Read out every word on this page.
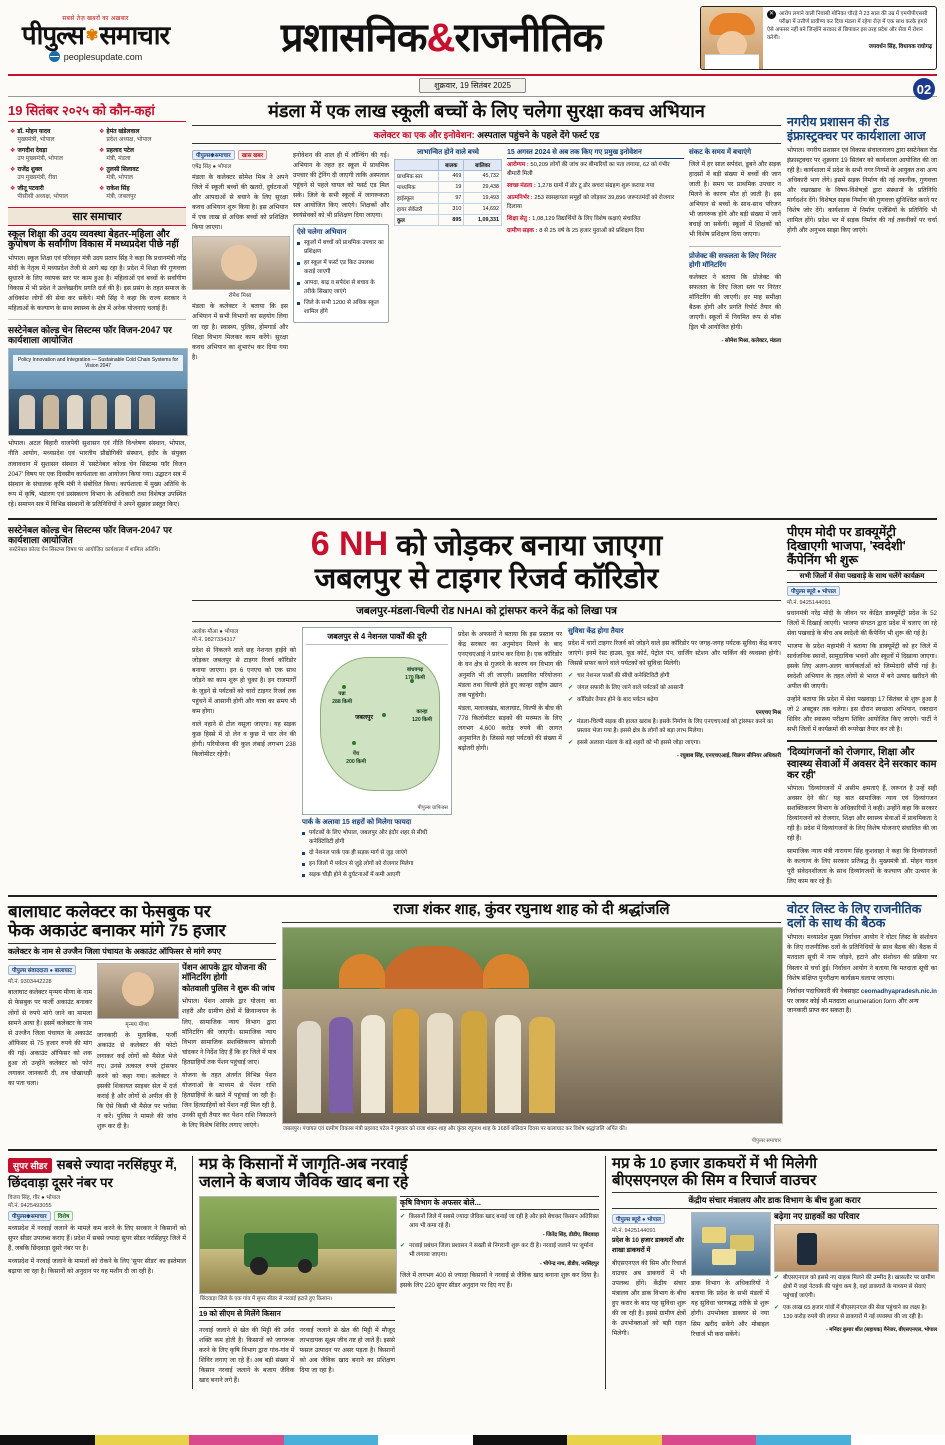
सबसे तेज़ खबरों का अख़बार
पीपुल्स ✾ समाचार
peoplesupdate.com	प्रशासनिक&राजनीतिक
✕ आरोप लगाने वाली निवासी मोनिका चौरड़े ने 23 साल की उम्र में एमपीपीएससी परीक्षा में उत्तीर्ण प्रावीण्य कर दिया मंडला में रहेगा रोज़ में एक साथ करके हमारे ऐसे अफसर नहीं बने जिन्होंने सरकार से छिपाकर इस तरह प्रदेश और सेवा में रोशन करेगी।
जयवर्धन सिंह, विधायक राघोगढ़
शुक्रवार, 19 सितंबर 2025	02
19 सितंबर २०२५ को कौन-कहां
❖ डॉ. मोहन यादव
मुख्यमंत्री, भोपाल
❖ हेमंत खंडेलवाल
प्रदेश अध्यक्ष, भोपाल
❖ जगदीश देवड़ा
उप मुख्यमंत्री, भोपाल
❖ प्रहलाद पटेल
मंत्री, मंडला
❖ राजेंद्र शुक्ल
उप मुख्यमंत्री, रीवा
❖ तुलसी सिलावट
मंत्री, भोपाल
❖ जीतू पटवारी
पीसीसी अध्यक्ष, भोपाल
❖ राकेश सिंह
मंत्री, जबलपुर
सार समाचार
स्कूल शिक्षा की उदय व्यवस्था बेहतर-महिला और कुपोषण के सर्वांगीण विकास में मध्यप्रदेश पीछे नहीं

भोपाल। स्कूल शिक्षा एवं परिवहन मंत्री उदय प्रताप सिंह ने कहा कि प्रधानमंत्री नरेंद्र मोदी के नेतृत्व में मध्यप्रदेश तेजी से आगे बढ़ रहा है। प्रदेश में शिक्षा की गुणवत्ता सुधारने के लिए व्यापक स्तर पर काम हुआ है। महिलाओं एवं बच्चों के सर्वांगीण विकास में भी प्रदेश ने उल्लेखनीय प्रगति दर्ज की है। इस प्रसंग के तहत समाज के अधिकांश लोगों की सेवा कर सकेंगे। मंत्री सिंह ने कहा कि राज्य सरकार ने महिलाओं के कल्याण के साथ स्वास्थ्य के क्षेत्र में अनेक योजनाएं चलाई हैं।

सस्टेनेबल कोल्ड चेन सिस्टम्स फॉर विजन-2047 पर कार्यशाला आयोजित
Policy Innovation and Integration — Sustainable Cold Chain Systems for Vision 2047

भोपाल। अटल बिहारी वाजपेयी सुशासन एवं नीति विश्लेषण संस्थान, भोपाल, नीति आयोग, मध्यप्रदेश एवं भारतीय प्रौद्योगिकी संस्थान, इंदौर के संयुक्त तत्वावधान में सुशासन संस्थान में 'सस्टेनेबल कोल्ड चेन सिस्टम्स फॉर विजन 2047' विषय पर एक दिवसीय कार्यशाला का आयोजन किया गया। उद्घाटन सत्र में संस्थान के संचालक कृषि मंत्री ने संबोधित किया। कार्यशाला में मुख्य अतिथि के रूप में कृषि, भंडारण एवं प्रसंस्करण विभाग के अधिकारी तथा विशेषज्ञ उपस्थित रहे। समापन सत्र में विभिन्न संस्थानों के प्रतिनिधियों ने अपने सुझाव प्रस्तुत किए।

मंडला में एक लाख स्कूली बच्चों के लिए चलेगा सुरक्षा कवच अभियान
कलेक्टर का एक और इनोवेशन: अस्पताल पहुंचने के पहले देंगे फर्स्ट एड
पीपुल्स✾समाचार	खास खबर
एषेंद्र सिंह ● भोपाल

मंडला के कलेक्टर सोमेश मिश्र ने अपने जिले में स्कूली बच्चों की खतरों, दुर्घटनाओं और आपदाओं से बचाने के लिए सुरक्षा कवच अभियान शुरू किया है। इस अभियान में एक लाख से अधिक बच्चों को प्रशिक्षित किया जाएगा।

रोमेश मिश्रा

मंडला के कलेक्टर ने बताया कि इस अभियान में सभी विभागों का सहयोग लिया जा रहा है। स्वास्थ्य, पुलिस, होमगार्ड और शिक्षा विभाग मिलकर काम करेंगे। सुरक्षा कवच अभियान का शुभारंभ कर दिया गया है।

इनोवेशन की शाल ही में लॉन्चिंग की गई। अभियान के तहत हर स्कूल में प्राथमिक उपचार की ट्रेनिंग दी जाएगी ताकि अस्पताल पहुंचने से पहले घायल को फर्स्ट एड मिल सके। जिले के सभी स्कूलों में जागरूकता सत्र आयोजित किए जाएंगे। शिक्षकों और स्वयंसेवकों को भी प्रशिक्षण दिया जाएगा।

ऐसे चलेगा अभियान
स्कूलों में बच्चों को प्राथमिक उपचार का प्रशिक्षण
हर स्कूल में फर्स्ट एड किट उपलब्ध कराई जाएगी
आपदा, बाढ़ व सर्पदंश से बचाव के तरीके सिखाए जाएंगे
जिले के सभी 1200 से अधिक स्कूल शामिल होंगे
लाभान्वित होने वाले बच्चे
	बालक	बालिका
प्राथमिक स्तर	469	45,732
माध्यमिक	19	29,438
हाईस्कूल	97	19,493
हायर सेकेंडरी	310	14,692
कुल	895	1,09,331
15 अगस्त 2024 से अब तक किए गए प्रमुख इनोवेशन
आरोग्यम : 50,209 लोगों की जांच कर बीमारियों का पता लगाया, 62 को गंभीर बीमारी मिली
स्वच्छ मंडला : 1,278 ग्रामों में डोर टू डोर कचरा संग्रहण शुरू कराया गया
आत्मनिर्भर : 253 स्वसहायता समूहों को जोड़कर 39,896 जरूरतमंदों को रोजगार दिलाया
शिक्षा सेतु : 1,08,129 विद्यार्थियों के लिए विशेष कक्षाएं संचालित
ग्रामीण सड़क : 8 से 25 वर्ष के 25 हजार युवाओं को प्रशिक्षण दिया
संकट के समय में बचाएंगे

जिले में हर साल सर्पदंश, डूबने और सड़क हादसों में बड़ी संख्या में बच्चों की जान जाती है। समय पर प्राथमिक उपचार न मिलने के कारण मौत हो जाती है। इस अभियान से बच्चों के साथ-साथ परिजन भी जागरूक होंगे और बड़ी संख्या में जानें बचाई जा सकेंगी। स्कूलों में शिक्षकों को भी विशेष प्रशिक्षण दिया जाएगा।

प्रोजेक्ट की सफलता के लिए निरंतर होगी मॉनिटरिंग

कलेक्टर ने बताया कि प्रोजेक्ट की सफलता के लिए जिला स्तर पर निरंतर मॉनिटरिंग की जाएगी। हर माह समीक्षा बैठक होगी और प्रगति रिपोर्ट तैयार की जाएगी। स्कूलों में नियमित रूप से मॉक ड्रिल भी आयोजित होगी।

- सोमेश मिश्रा, कलेक्टर, मंडला
नगरीय प्रशासन की रोड इंफ्रास्ट्रक्चर पर कार्यशाला आज

भोपाल। नगरीय प्रशासन एवं विकास संचालनालय द्वारा सस्टेनेबल रोड इंफ्रास्ट्रक्चर पर शुक्रवार 19 सितंबर को कार्यशाला आयोजित की जा रही है। कार्यशाला में प्रदेश के सभी नगर निगमों के आयुक्त तथा अन्य अधिकारी भाग लेंगे। इसमें सड़क निर्माण की नई तकनीक, गुणवत्ता और रखरखाव के विषय-विशेषज्ञों द्वारा संस्थानों के प्रतिनिधि मार्गदर्शन देंगे। विशेषज्ञ सड़क निर्माण की गुणवत्ता सुनिश्चित करने पर विशेष जोर देंगे। कार्यशाला में निर्माण एजेंसियों के प्रतिनिधि भी शामिल होंगे। प्रदेश भर में सड़क निर्माण की नई तकनीकों पर चर्चा होगी और अनुभव साझा किए जाएंगे।

सस्टेनेबल कोल्ड चेन सिस्टम्स फॉर विजन-2047 पर कार्यशाला आयोजित
सस्टेनेबल कोल्ड चेन सिस्टम्स विषय पर आयोजित कार्यशाला में शामिल अतिथि।	6 NH को जोड़कर बनाया जाएगा
जबलपुर से टाइगर रिजर्व कॉरिडोर
जबलपुर-मंडला-चिल्पी रोड NHAI को ट्रांसफर करने केंद्र को लिखा पत्र
अलोक मौआ ● भोपाल
मो.नं. 9827334317

प्रदेश से निकलने वाले छह नेशनल हाईवे को जोड़कर जबलपुर से टाइगर रिजर्व कॉरिडोर बनाया जाएगा। इन 6 एनएच को एक साथ जोड़ने का काम शुरू हो चुका है। इन राजमार्गों के जुड़ने से पर्यटकों को चारों टाइगर रिजर्व तक पहुंचने में आसानी होगी और यात्रा का समय भी कम होगा।

वाले नहाने से टोल वसूला जाएगा। यह सड़क कुछ हिस्से में दो लेन व कुछ में चार लेन की होगी। परियोजना की कुल लंबाई लगभग 238 किलोमीटर रहेगी।

जबलपुर से 4 नेशनल पार्कों की दूरी
पन्ना
288 किमी
बांधवगढ़
170 किमी
कान्हा
120 किमी
पेंच
200 किमी
जबलपुर
पीपुल्स ग्राफिक्स
पार्क के अलावा 15 शहरों को मिलेगा फायदा
पर्यटकों के लिए भोपाल, जबलपुर और इंदौर शहर से सीधी कनेक्टिविटी होगी
दो नेशनल पार्क एक ही सड़क मार्ग से जुड़ जाएंगे
इन जिलों में पर्यटन से जुड़े लोगों को रोजगार मिलेगा
सड़क चौड़ी होने से दुर्घटनाओं में कमी आएगी

प्रदेश के अफसरों ने बताया कि इस प्रस्ताव पर केंद्र सरकार का अनुमोदन मिलने के बाद एनएचएआई ने प्रारंभ कर दिया है। एक कॉरिडोर के वन क्षेत्र से गुजरने के कारण वन विभाग की अनुमति भी ली जाएगी। प्रस्तावित परियोजना मंडला तथा चिल्पी होते हुए कान्हा राष्ट्रीय उद्यान तक पहुंचेगी।

मंडला, मलाजखंड, बालाघाट, चिल्पी के बीच की 778 किलोमीटर सड़कों की मरम्मत के लिए लगभग 4,600 करोड़ रुपये की लागत अनुमानित है। जिससे यहां पर्यटकों की संख्या में बढ़ोतरी होगी।

सुविधा केंद्र होगा तैयार

प्रदेश में चारों टाइगर रिजर्व को जोड़ने वाले इस कॉरिडोर पर जगह-जगह पर्यटक सुविधा केंद्र बनाए जाएंगे। इनमें रेस्ट हाउस, फूड कोर्ट, पेट्रोल पंप, चार्जिंग स्टेशन और पार्किंग की व्यवस्था होगी। जिससे सफर करने वाले पर्यटकों को सुविधा मिलेगी।

✔ चार नेशनल पार्कों की सीधी कनेक्टिविटी होगी
✔ जंगल सफारी के लिए जाने वाले पर्यटकों को आसानी
✔ कॉरिडोर तैयार होने के बाद पर्यटन बढ़ेगा
एनएचए मिश्र
✔ मंडला-चिल्पी सड़क की हालत खराब है। इसके निर्माण के लिए एनएचएआई को ट्रांसफर करने का प्रस्ताव भेजा गया है। इससे क्षेत्र के लोगों को बड़ा लाभ मिलेगा।
✔ इससे अलावा मंडला के बड़े शहरों को भी इससे जोड़ा जाएगा।
- रघुबाब सिंह, एनएचएआई, चिन्नगर सीनियर अधिकारी
पीएम मोदी पर डाक्यूमेंट्री दिखाएगी भाजपा, 'स्वदेशी' कैंपेनिंग भी शुरू
सभी जिलों में सेवा पखवाड़े के साथ चलेंगे कार्यक्रम
पीपुल्स ब्यूरो ● भोपाल
मो.नं. 9425144091

प्रधानमंत्री नरेंद्र मोदी के जीवन पर केंद्रित डाक्यूमेंट्री प्रदेश के 52 जिलों में दिखाई जाएगी। भाजपा संगठन द्वारा प्रदेश में चलाए जा रहे सेवा पखवाड़े के बीच अब स्वदेशी की कैंपेनिंग भी शुरू की गई है।

भाजपा के प्रदेश महामंत्री ने बताया कि डाक्यूमेंट्री को हर जिले में सार्वजनिक स्थानों, सामुदायिक भवनों और स्कूलों में दिखाया जाएगा। इसके लिए अलग-अलग कार्यकर्ताओं को जिम्मेदारी सौंपी गई है। स्वदेशी अभियान के तहत लोगों से भारत में बने उत्पाद खरीदने की अपील की जाएगी।

उन्होंने बताया कि प्रदेश में सेवा पखवाड़ा 17 सितंबर से शुरू हुआ है जो 2 अक्टूबर तक चलेगा। इस दौरान स्वच्छता अभियान, रक्तदान शिविर और स्वास्थ्य परीक्षण शिविर आयोजित किए जाएंगे। पार्टी ने सभी जिलों में कार्यक्रमों की रूपरेखा तैयार कर ली है।

'दिव्यांगजनों को रोजगार, शिक्षा और स्वास्थ्य सेवाओं में अवसर देने सरकार काम कर रही'

भोपाल। 'दिव्यांगजनों में असीम क्षमताएं हैं, जरूरत है उन्हें सही अवसर देने की।' यह बात सामाजिक न्याय एवं दिव्यांगजन सशक्तिकरण विभाग के अधिकारियों ने कही। उन्होंने कहा कि सरकार दिव्यांगजनों को रोजगार, शिक्षा और स्वास्थ्य सेवाओं में प्राथमिकता दे रही है। प्रदेश में दिव्यांगजनों के लिए विशेष योजनाएं संचालित की जा रही हैं।

सामाजिक न्याय मंत्री नारायण सिंह कुशवाहा ने कहा कि दिव्यांगजनों के कल्याण के लिए सरकार प्रतिबद्ध है। मुख्यमंत्री डॉ. मोहन यादव पूरी संवेदनशीलता के साथ दिव्यांगजनों के कल्याण और उत्थान के लिए काम कर रहे हैं।

बालाघाट कलेक्टर का फेसबुक पर
फेक अकाउंट बनाकर मांगे 75 हजार
कलेक्टर के नाम से उज्जैन जिला पंचायत के अकाउंट ऑफिसर से मांगे रुपए
पीपुल्स संवाददाता ● बालाघाट
मो.नं. 9303442228

बालाघाट कलेक्टर मृन्मय मीणा के नाम से फेसबुक पर फर्जी अकाउंट बनाकर लोगों से रुपये मांगे जाने का मामला सामने आया है। इसमें कलेक्टर के नाम से उज्जैन जिला पंचायत के अकाउंट ऑफिसर से 75 हजार रुपये की मांग की गई। अकाउंट ऑफिसर को शक हुआ तो उन्होंने कलेक्टर को फोन लगाकर जानकारी दी, तब धोखाधड़ी का पता चला।

मृन्मय मीणा

जानकारी के मुताबिक, फर्जी अकाउंट से कलेक्टर की फोटो लगाकर कई लोगों को मैसेज भेजे गए। उनसे तत्काल रुपये ट्रांसफर करने को कहा गया। कलेक्टर ने इसकी शिकायत साइबर सेल में दर्ज कराई है और लोगों से अपील की है कि ऐसे किसी भी मैसेज पर भरोसा न करें। पुलिस ने मामले की जांच शुरू कर दी है।

पेंशन आपके द्वार योजना की मॉनिटरिंग होगी
कोतवाली पुलिस ने शुरू की जांच

भोपाल। पेंशन आपके द्वार योजना का शहरी और ग्रामीण क्षेत्रों में क्रियान्वयन के लिए, सामाजिक न्याय विभाग द्वारा मॉनिटरिंग की जाएगी। सामाजिक न्याय विभाग सामाजिक सशक्तिकरण सोनाली चांदकर ने निर्देश दिए हैं कि हर जिले में पात्र हितग्राहियों तक पेंशन पहुंचाई जाए।

योजना के तहत अंतर्गत विभिन्न पेंशन योजनाओं के माध्यम से पेंशन राशि हितग्राहियों के खाते में पहुंचाई जा रही है। जिन हितग्राहियों को पेंशन नहीं मिल रही है, उनकी सूची तैयार कर पेंशन राशि निकालने के लिए विशेष शिविर लगाए जाएंगे।

राजा शंकर शाह, कुंवर रघुनाथ शाह को दी श्रद्धांजलि
जबलपुर। पंचायत एवं ग्रामीण विकास मंत्री प्रहलाद पटेल ने गुरुवार को राजा शंकर शाह और कुंवर रघुनाथ शाह के 168वें बलिदान दिवस पर बालाघाट कर विशेष श्रद्धांजलि अर्पित की।
पीपुल्स समाचार
वोटर लिस्ट के लिए राजनीतिक दलों के साथ की बैठक

भोपाल। मध्यप्रदेश मुख्य निर्वाचन आयोग ने वोटर लिस्ट के संशोधन के लिए राजनीतिक दलों के प्रतिनिधियों के साथ बैठक की। बैठक में मतदाता सूची में नाम जोड़ने, हटाने और संशोधन की प्रक्रिया पर विस्तार से चर्चा हुई। निर्वाचन आयोग ने बताया कि मतदाता सूची का विशेष संक्षिप्त पुनरीक्षण कार्यक्रम चलाया जाएगा।

निर्वाचन पदाधिकारी की वेबसाइट ceomadhyapradesh.nic.in पर जाकर कोई भी मतदाता enumeration form और अन्य जानकारी प्राप्त कर सकता है।
सुपर सीडर सबसे ज्यादा नरसिंहपुर में,
छिंदवाड़ा दूसरे नंबर पर
विजय सिंह, गौर ● भोपाल
मो.नं. 9425493055
पीपुल्स✾समाचार	विशेष

मध्यप्रदेश में नरवाई जलाने के मामले कम करने के लिए सरकार ने किसानों को सुपर सीडर उपलब्ध कराए हैं। प्रदेश में सबसे ज्यादा सुपर सीडर नरसिंहपुर जिले में हैं, जबकि छिंदवाड़ा दूसरे नंबर पर है।

मध्यप्रदेश में नरवाई जलाने के मामलों को रोकने के लिए 'सुपर सीडर' का इस्तेमाल बढ़ाया जा रहा है। किसानों को अनुदान पर यह मशीन दी जा रही है।

मप्र के किसानों में जागृति-अब नरवाई
जलाने के बजाय जैविक खाद बना रहे
छिंदवाड़ा जिले के एक गांव में सुपर सीडर से नरवाई हटाते हुए किसान।
19 को सीएम से मिलेंगे किसान

नरवाई जलाने से खेत की मिट्टी की उर्वरा शक्ति कम होती है। किसानों को जागरूक करने के लिए कृषि विभाग द्वारा गांव-गांव में शिविर लगाए जा रहे हैं। अब बड़ी संख्या में किसान नरवाई जलाने के बजाय जैविक खाद बनाने लगे हैं।

नरवाई जलाने से खेत की मिट्टी में मौजूद लाभदायक सूक्ष्म जीव नष्ट हो जाते हैं। इससे फसल उत्पादन पर असर पड़ता है। किसानों को अब जैविक खाद बनाने का प्रशिक्षण दिया जा रहा है।

कृषि विभाग के अफसर बोले...
✔ किसानों जिले में सबसे ज्यादा जैविक खाद बनाई जा रही है और इसे बेचकर किसान अतिरिक्त आय भी कमा रहे हैं।
- जितेंद्र सिंह, डीडीए, छिंदवाड़ा
✔ नरवाई प्रबंधन जिला प्रशासन ने सख्ती से निगरानी शुरू कर दी है। नरवाई जलाने पर जुर्माना भी लगाया जाएगा।
- भीपेन्द्र नाथ, डीडीए, नरसिंहपुर

जिले में लगभग 400 से ज्यादा किसानों ने नरवाई से जैविक खाद बनाना शुरू कर दिया है। इसके लिए 220 सुपर सीडर अनुदान पर दिए गए हैं।

मप्र के 10 हजार डाकघरों में भी मिलेगी
बीएसएनएल की सिम व रिचार्ज वाउचर
केंद्रीय संचार मंत्रालय और डाक विभाग के बीच हुआ करार
पीपुल्स ब्यूरो ● भोपाल
मो.नं. 9425144091
प्रदेश के 10 हजार डाकघरों और शाखा डाकघरों में

बीएसएनएल की सिम और रिचार्ज वाउचर अब डाकघरों में भी उपलब्ध होंगे। केंद्रीय संचार मंत्रालय और डाक विभाग के बीच हुए करार के बाद यह सुविधा शुरू की जा रही है। इससे ग्रामीण क्षेत्रों के उपभोक्ताओं को बड़ी राहत मिलेगी।

डाक विभाग के अधिकारियों ने बताया कि प्रदेश के सभी मंडलों में यह सुविधा चरणबद्ध तरीके से शुरू होगी। उपभोक्ता डाकघर से नया सिम खरीद सकेंगे और मोबाइल रिचार्ज भी करा सकेंगे।

बढ़ेगा नए ग्राहकों का परिवार
✔ बीएसएनएल को इससे नए ग्राहक मिलने की उम्मीद है। खासतौर पर ग्रामीण क्षेत्रों में जहां नेटवर्क की पहुंच कम है, वहां डाकघरों के माध्यम से सेवाएं पहुंचाई जाएंगी।
✔ एक लाख 65 हजार गांवों में बीएसएनएल की सेवा पहुंचाने का लक्ष्य है। 139 करोड़ रुपये की लागत से डाकघरों में नई व्यवस्था की जा रही है।
- मनिंदर कुमार शीत (सहायक) मैनेजर, बीएसएनएल, भोपाल
